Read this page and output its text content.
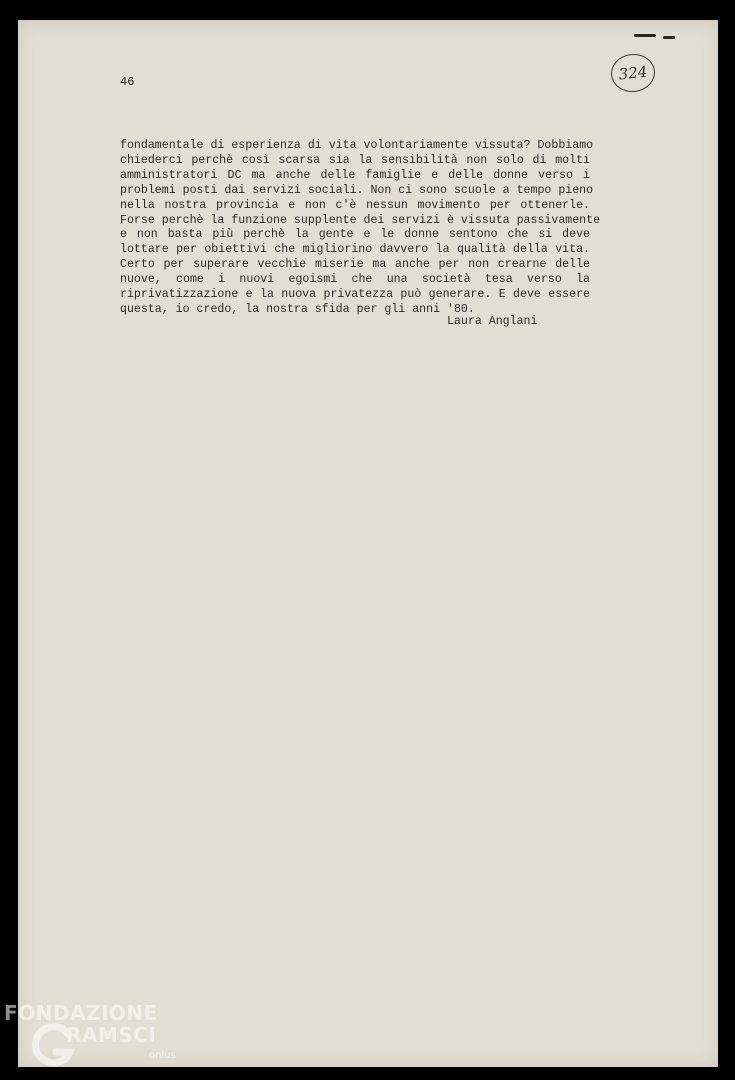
46	324
fondamentale di esperienza di vita volontariamente vissuta? Dobbiamo
chiederci perchè così scarsa sia la sensibilità non solo di molti
amministratori DC ma anche delle famiglie e delle donne verso i
problemi posti dai servizi sociali. Non ci sono scuole a tempo pieno
nella nostra provincia e non c'è nessun movimento per ottenerle.
Forse perchè la funzione supplente dei servizi è vissuta passivamente
e non basta più perchè la gente e le donne sentono che si deve
lottare per obiettivi che migliorino davvero la qualità della vita.
Certo per superare vecchie miserie ma anche per non crearne delle
nuove, come i nuovi egoismi che una società tesa verso la
riprivatizzazione e la nuova privatezza può generare. E deve essere
questa, io credo, la nostra sfida per gli anni '80.
Laura Anglani
FONDAZIONE
RAMSCI
onlus
